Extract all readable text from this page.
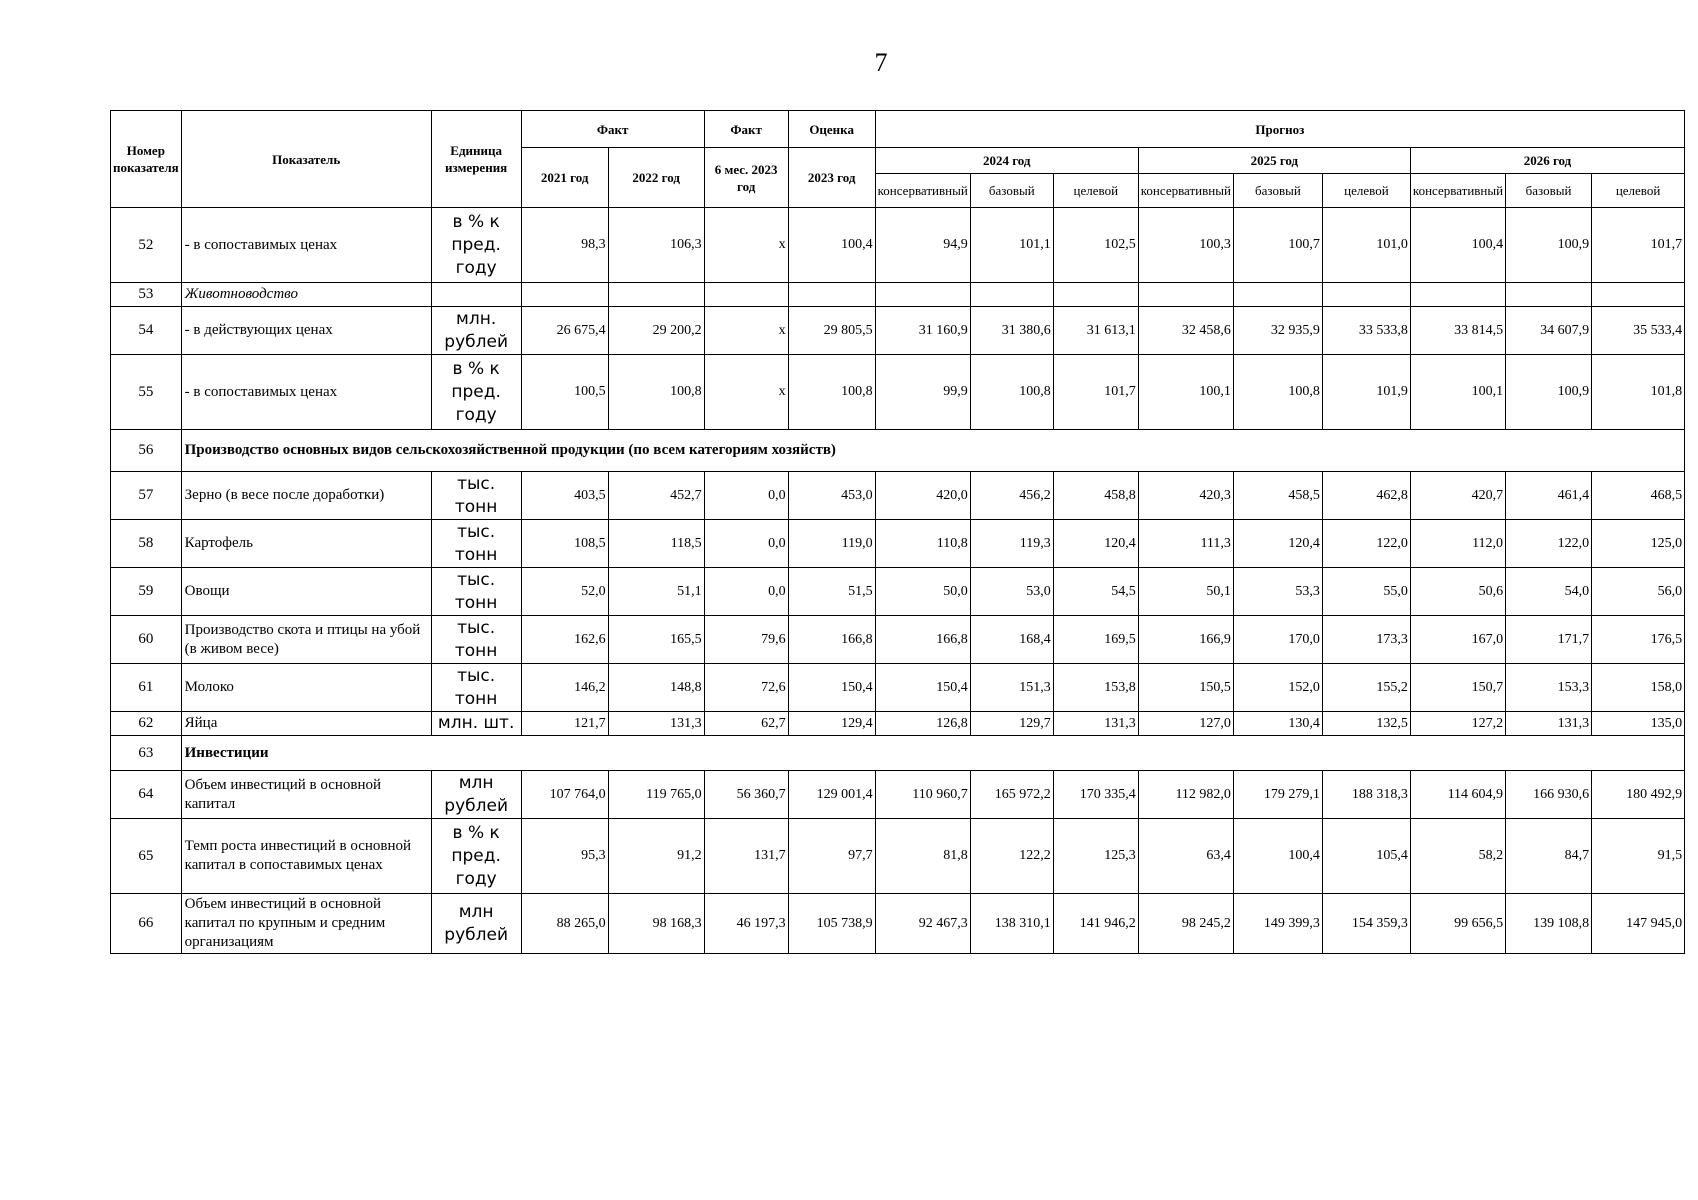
7
Номер показателя	Показатель	Единица измерения	Факт		Факт	Оценка	Прогноз								
			2021 год	2022 год	6 мес. 2023 год	2023 год	2024 год			2025 год			2026 год		
							консервативный	базовый	целевой	консервативный	базовый	целевой	консервативный	базовый	целевой
52	- в сопоставимых ценах	в % к пред. году	98,3	106,3	х	100,4	94,9	101,1	102,5	100,3	100,7	101,0	100,4	100,9	101,7
53	Животноводство														
54	- в действующих ценах	млн. рублей	26 675,4	29 200,2	х	29 805,5	31 160,9	31 380,6	31 613,1	32 458,6	32 935,9	33 533,8	33 814,5	34 607,9	35 533,4
55	- в сопоставимых ценах	в % к пред. году	100,5	100,8	х	100,8	99,9	100,8	101,7	100,1	100,8	101,9	100,1	100,9	101,8
56	Производство основных видов сельскохозяйственной продукции (по всем категориям хозяйств)														
57	Зерно (в весе после доработки)	тыс. тонн	403,5	452,7	0,0	453,0	420,0	456,2	458,8	420,3	458,5	462,8	420,7	461,4	468,5
58	Картофель	тыс. тонн	108,5	118,5	0,0	119,0	110,8	119,3	120,4	111,3	120,4	122,0	112,0	122,0	125,0
59	Овощи	тыс. тонн	52,0	51,1	0,0	51,5	50,0	53,0	54,5	50,1	53,3	55,0	50,6	54,0	56,0
60	Производство скота и птицы на убой (в живом весе)	тыс. тонн	162,6	165,5	79,6	166,8	166,8	168,4	169,5	166,9	170,0	173,3	167,0	171,7	176,5
61	Молоко	тыс. тонн	146,2	148,8	72,6	150,4	150,4	151,3	153,8	150,5	152,0	155,2	150,7	153,3	158,0
62	Яйца	млн. шт.	121,7	131,3	62,7	129,4	126,8	129,7	131,3	127,0	130,4	132,5	127,2	131,3	135,0
63	Инвестиции														
64	Объем инвестиций в основной капитал	млн рублей	107 764,0	119 765,0	56 360,7	129 001,4	110 960,7	165 972,2	170 335,4	112 982,0	179 279,1	188 318,3	114 604,9	166 930,6	180 492,9
65	Темп роста инвестиций в основной капитал в сопоставимых ценах	в % к пред. году	95,3	91,2	131,7	97,7	81,8	122,2	125,3	63,4	100,4	105,4	58,2	84,7	91,5
66	Объем инвестиций в основной капитал по крупным и средним организациям	млн рублей	88 265,0	98 168,3	46 197,3	105 738,9	92 467,3	138 310,1	141 946,2	98 245,2	149 399,3	154 359,3	99 656,5	139 108,8	147 945,0
